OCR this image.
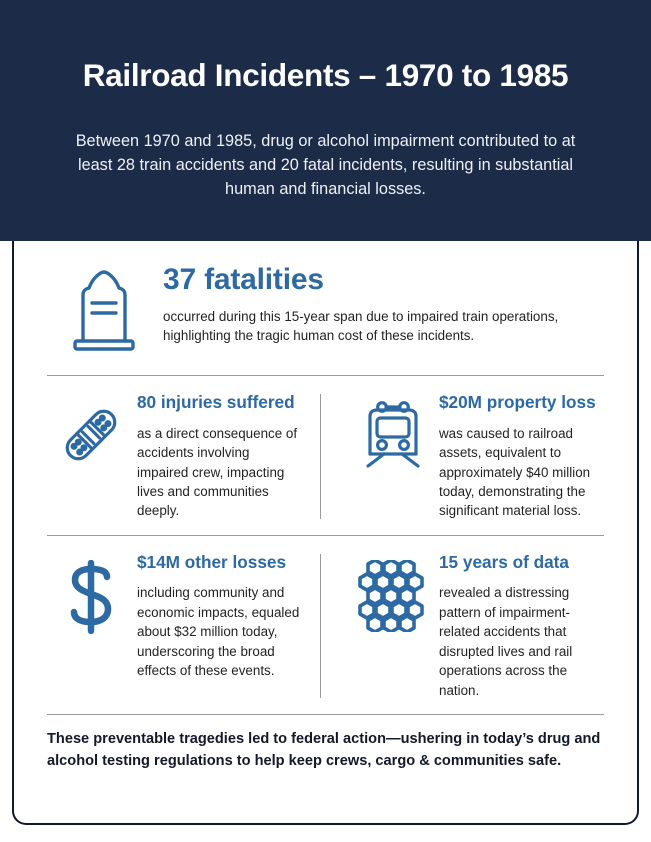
Railroad Incidents – 1970 to 1985
Between 1970 and 1985, drug or alcohol impairment contributed to at least 28 train accidents and 20 fatal incidents, resulting in substantial human and financial losses.
37 fatalities
occurred during this 15-year span due to impaired train operations, highlighting the tragic human cost of these incidents.
80 injuries suffered
as a direct consequence of accidents involving impaired crew, impacting lives and communities deeply.
$20M property loss
was caused to railroad assets, equivalent to approximately $40 million today, demonstrating the significant material loss.
$14M other losses
including community and economic impacts, equaled about $32 million today, underscoring the broad effects of these events.
15 years of data
revealed a distressing pattern of impairment-related accidents that disrupted lives and rail operations across the nation.
These preventable tragedies led to federal action—ushering in today’s drug and alcohol testing regulations to help keep crews, cargo & communities safe.
